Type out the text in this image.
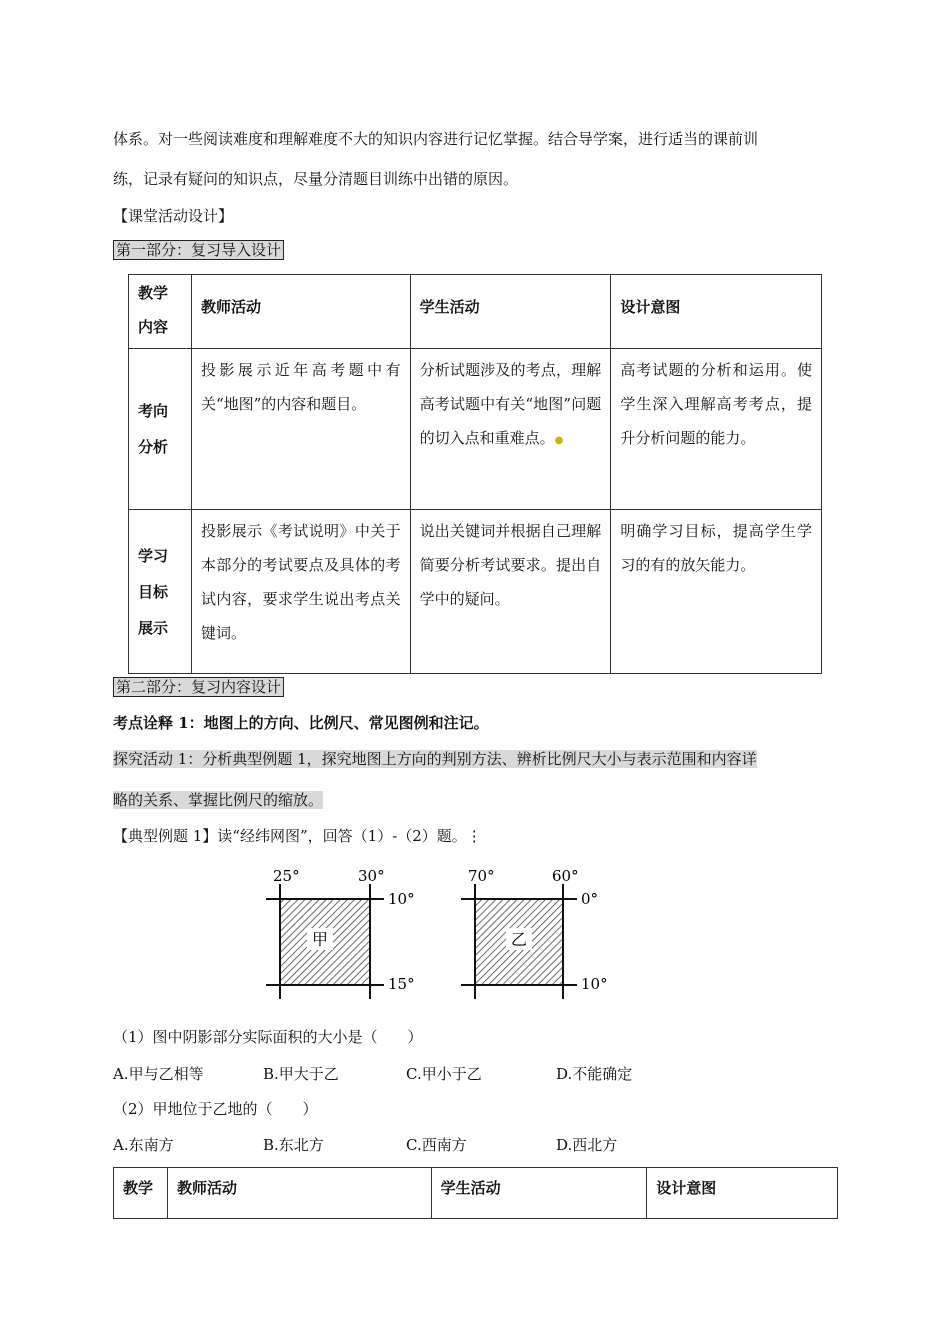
体系。对一些阅读难度和理解难度不大的知识内容进行记忆掌握。结合导学案，进行适当的课前训
练，记录有疑问的知识点，尽量分清题目训练中出错的原因。
【课堂活动设计】
第一部分：复习导入设计
教学内容	教师活动	学生活动	设计意图
考向分析	投影展示近年高考题中有关“地图”的内容和题目。	分析试题涉及的考点，理解高考试题中有关“地图”问题的切入点和重难点。●	高考试题的分析和运用。使学生深入理解高考考点，提升分析问题的能力。
学习目标展示	投影展示《考试说明》中关于本部分的考试要点及具体的考试内容，要求学生说出考点关键词。	说出关键词并根据自己理解简要分析考试要求。提出自学中的疑问。	明确学习目标，提高学生学习的有的放矢能力。
第二部分：复习内容设计
考点诠释 1：地图上的方向、比例尺、常见图例和注记。
探究活动 1：分析典型例题 1，探究地图上方向的判别方法、辨析比例尺大小与表示范围和内容详
略的关系、掌握比例尺的缩放。
【典型例题 1】读“经纬网图”，回答（1）-（2）题。⋮
甲
25°	30°
10°
15°
乙
70°	60°
0°
10°
（1）图中阴影部分实际面积的大小是（　　）
A.甲与乙相等	B.甲大于乙	C.甲小于乙	D.不能确定
（2）甲地位于乙地的（　　）
A.东南方	B.东北方	C.西南方	D.西北方
教学	教师活动	学生活动	设计意图
